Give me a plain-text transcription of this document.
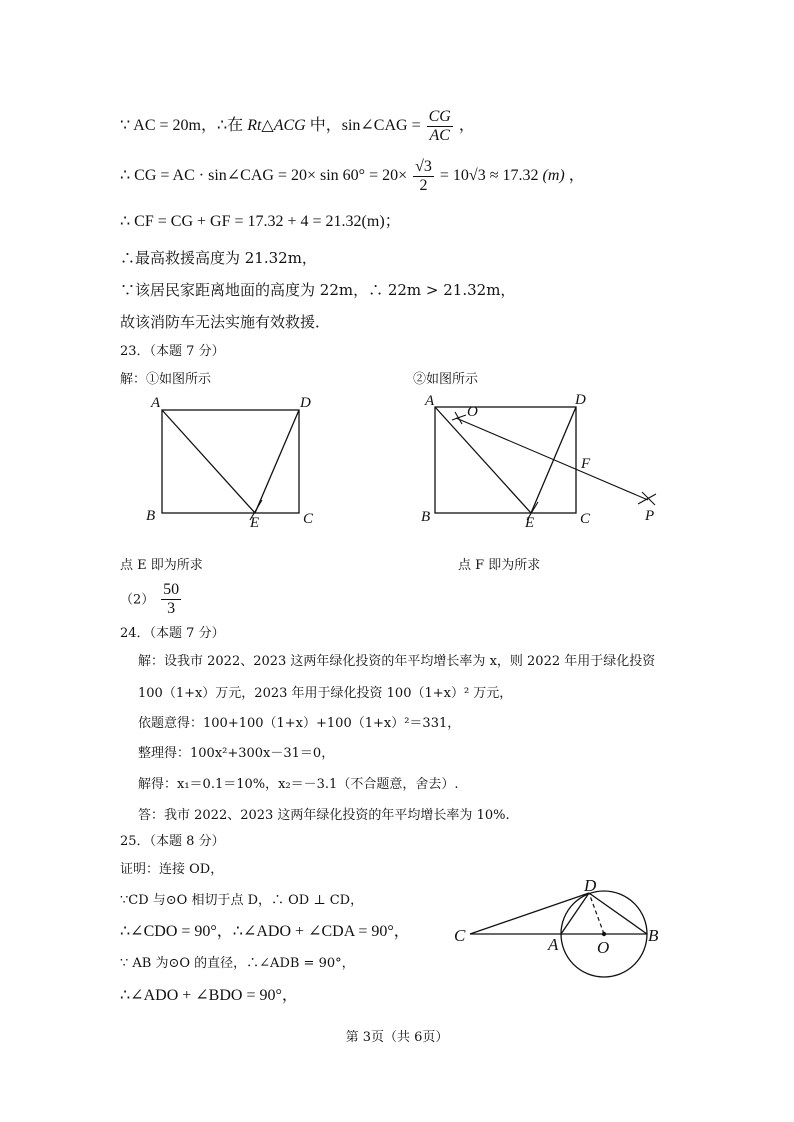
∵ AC = 20m，∴在 Rt△ACG 中，sin∠CAG = $\frac{CG}{AC}$ ，
∴ CG = AC · sin∠CAG = $20\times \sin 60^\circ = 20\times \frac{√3}{2} = 10√3 \approx 17.32$ (m) ，
∴ CF = CG + GF = 17.32 + 4 = 21.32(m)；
∴最高救援高度为 21.32m，
∵该居民家距离地面的高度为 22m，∴ 22m > 21.32m，
故该消防车无法实施有效救援．
23．（本题 7 分）
解：①如图所示	②如图所示
A	D
B	C
E
A
O
D
F
B	C
E	P
点 E 即为所求	点 F 即为所求
$(2) \frac{50}{3}$
24．（本题 7 分）
解：设我市 2022、2023 这两年绿化投资的年平均增长率为 x，则 2022 年用于绿化投资
100（1+x）万元，2023 年用于绿化投资 100（1+x）² 万元，
依题意得：100+100（1+x）+100（1+x）²＝331，
整理得：100x²+300x－31＝0，
解得：x₁＝0.1＝10%，x₂＝－3.1（不合题意，舍去）.
答：我市 2022、2023 这两年绿化投资的年平均增长率为 10%.
25．（本题 8 分）
证明：连接 OD，
∵CD 与⊙O 相切于点 D，∴ OD ⊥ CD，
∴∠CDO = 90°，∴∠ADO + ∠CDA = 90°，
∵ AB 为⊙O 的直径，∴∠ADB = 90°，
∴∠ADO + ∠BDO = 90°，
C	A O
B
D
第 3页（共 6页）
